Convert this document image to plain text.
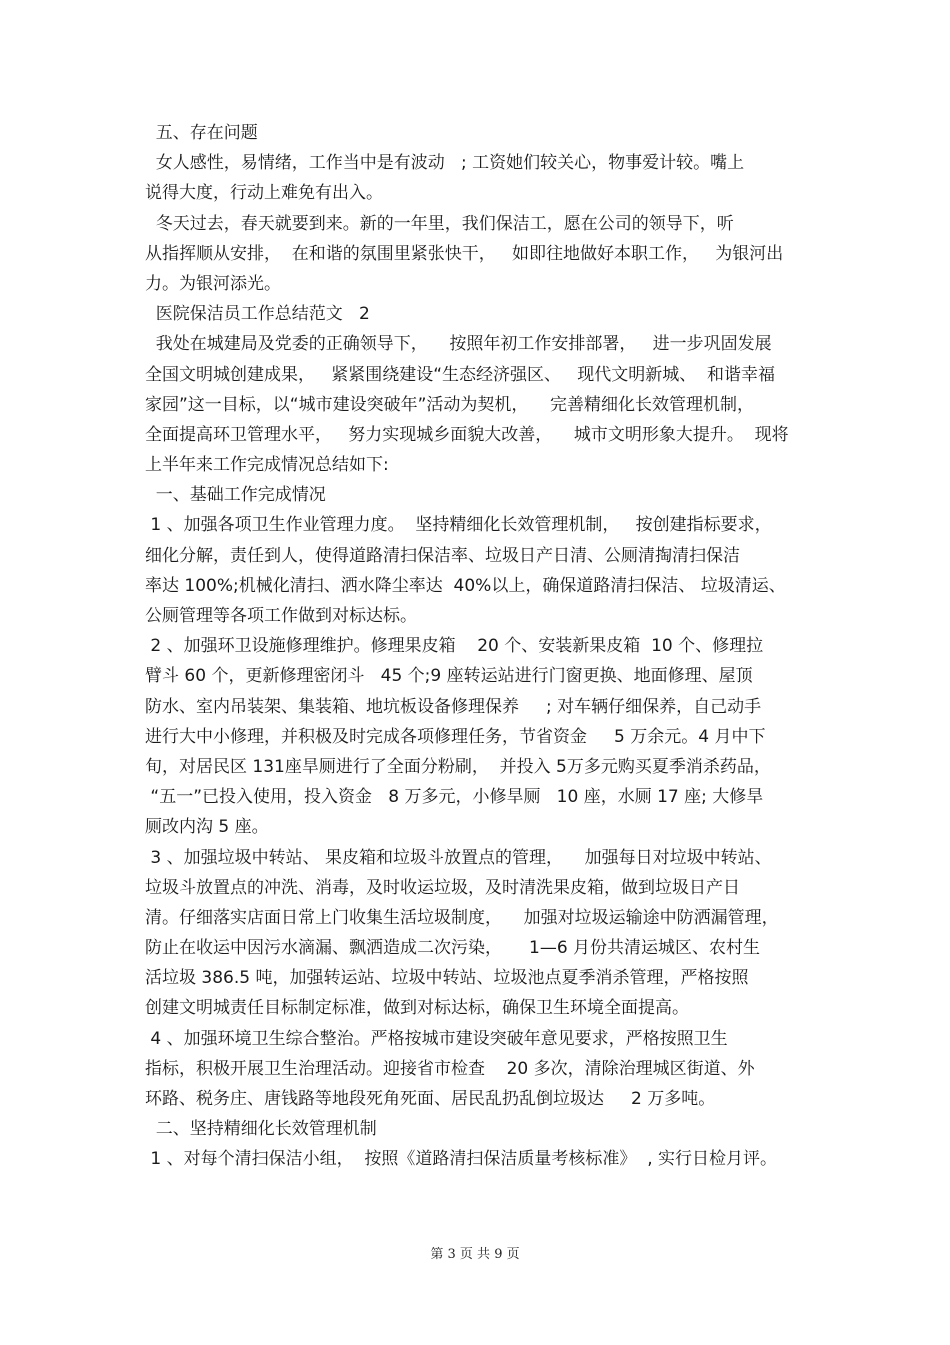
五、存在问题
女人感性，易情绪，工作当中是有波动   ; 工资她们较关心，物事爱计较。嘴上
说得大度，行动上难免有出入。
冬天过去，春天就要到来。新的一年里，我们保洁工，愿在公司的领导下，听
从指挥顺从安排，  在和谐的氛围里紧张快干，   如即往地做好本职工作，   为银河出
力。为银河添光。
医院保洁员工作总结范文   2
我处在城建局及党委的正确领导下，    按照年初工作安排部署，   进一步巩固发展
全国文明城创建成果，   紧紧围绕建设“生态经济强区、   现代文明新城、  和谐幸福
家园”这一目标，以“城市建设突破年”活动为契机，    完善精细化长效管理机制，
全面提高环卫管理水平，   努力实现城乡面貌大改善，    城市文明形象大提升。  现将
上半年来工作完成情况总结如下:
一、基础工作完成情况
1 、加强各项卫生作业管理力度。  坚持精细化长效管理机制，   按创建指标要求，
细化分解，责任到人，使得道路清扫保洁率、垃圾日产日清、公厕清掏清扫保洁
率达 100%;机械化清扫、洒水降尘率达  40%以上，确保道路清扫保洁、 垃圾清运、
公厕管理等各项工作做到对标达标。
2 、加强环卫设施修理维护。修理果皮箱    20 个、安装新果皮箱  10 个、修理拉
臂斗 60 个，更新修理密闭斗   45 个;9 座转运站进行门窗更换、地面修理、屋顶
防水、室内吊装架、集装箱、地坑板设备修理保养     ; 对车辆仔细保养，自己动手
进行大中小修理，并积极及时完成各项修理任务，节省资金     5 万余元。4 月中下
旬，对居民区 131座旱厕进行了全面分粉刷，  并投入 5万多元购买夏季消杀药品，
“五一”已投入使用，投入资金   8 万多元，小修旱厕   10 座，水厕 17 座; 大修旱
厕改内沟 5 座。
3 、加强垃圾中转站、 果皮箱和垃圾斗放置点的管理，    加强每日对垃圾中转站、
垃圾斗放置点的冲洗、消毒，及时收运垃圾，及时清洗果皮箱，做到垃圾日产日
清。仔细落实店面日常上门收集生活垃圾制度，    加强对垃圾运输途中防洒漏管理，
防止在收运中因污水滴漏、飘洒造成二次污染，     1—6 月份共清运城区、农村生
活垃圾 386.5 吨，加强转运站、垃圾中转站、垃圾池点夏季消杀管理，严格按照
创建文明城责任目标制定标准，做到对标达标，确保卫生环境全面提高。
4 、加强环境卫生综合整治。严格按城市建设突破年意见要求，严格按照卫生
指标，积极开展卫生治理活动。迎接省市检查    20 多次，清除治理城区街道、外
环路、税务庄、唐钱路等地段死角死面、居民乱扔乱倒垃圾达     2 万多吨。
二、坚持精细化长效管理机制
1 、对每个清扫保洁小组，  按照《道路清扫保洁质量考核标准》  , 实行日检月评。
第 3 页 共 9 页
